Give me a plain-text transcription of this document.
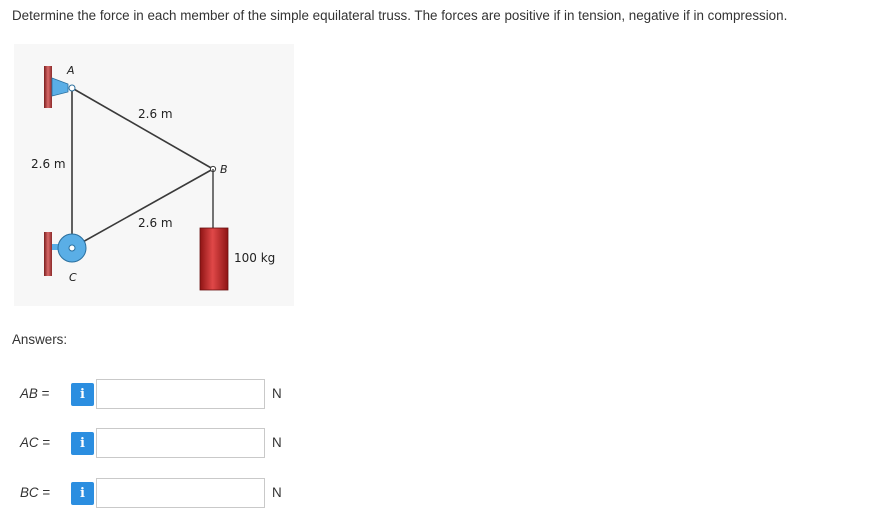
Determine the force in each member of the simple equilateral truss. The forces are positive if in tension, negative if in compression.
A
B
C
2.6 m
2.6 m
2.6 m
100 kg
Answers:
AB =	i	N
AC =	i	N
BC =	i	N
